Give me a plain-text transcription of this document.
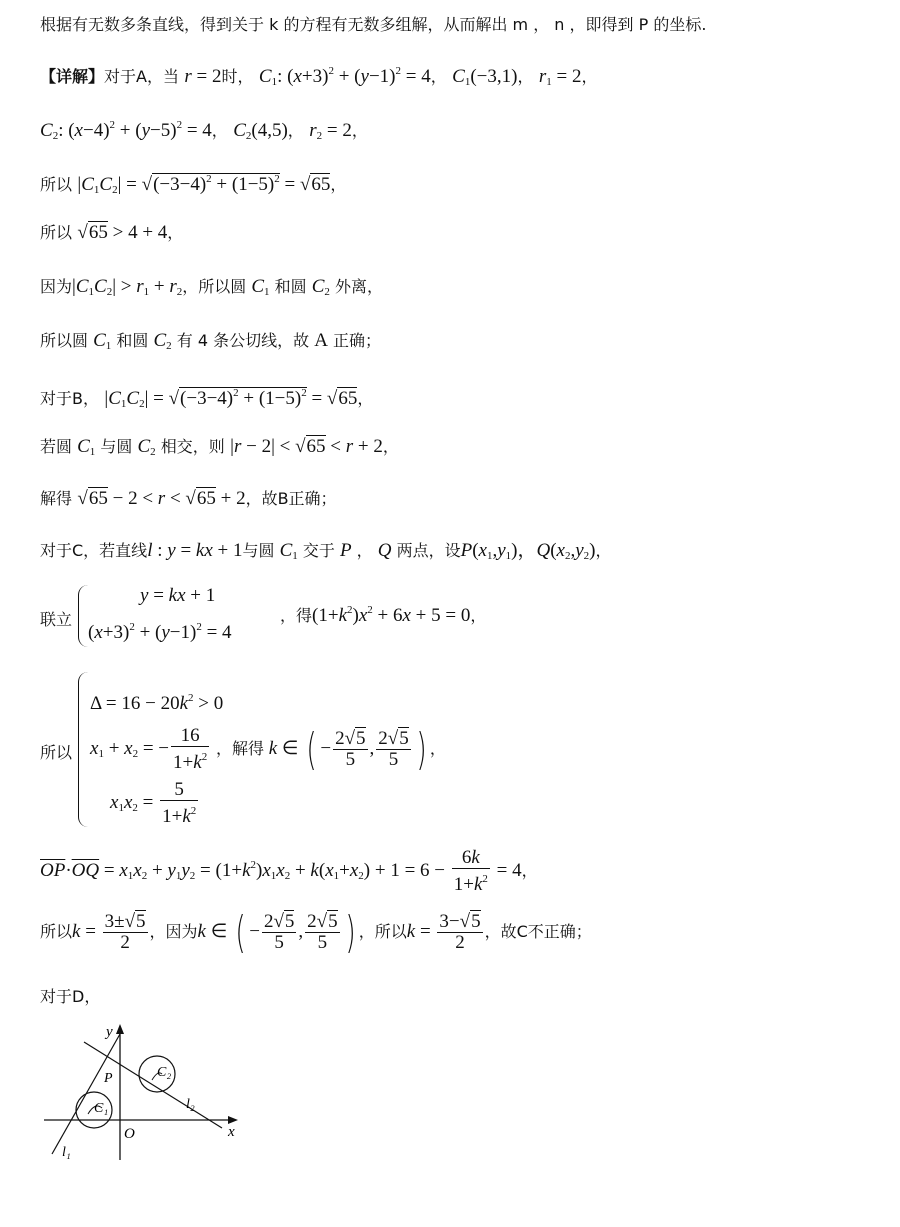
根据有无数多条直线，得到关于 k 的方程有无数多组解，从而解出 m ， n ，即得到 P 的坐标.
【详解】对于A，当 r = 2时， $C_1$: $(x+3)^2 + (y-1)^2 = 4$， $C_1(-3,1)$， $r_1 = 2$，
$C_2$: $(x-4)^2 + (y-5)^2 = 4$， $C_2(4,5)$， $r_2 = 2$，
所以 $|C_1C_2| = √(-3-4)^2 + (1-5)^2 = √65$，
所以 √65 > 4 + 4，
因为$|C_1C_2| > r_1 + r_2$，所以圆 $C_1$ 和圆 $C_2$ 外离，
所以圆 $C_1$ 和圆 $C_2$ 有 4 条公切线，故 A 正确；
对于B， $|C_1C_2| = √(-3-4)^2 + (1-5)^2 = √65$，
若圆 $C_1$ 与圆 $C_2$ 相交，则 |r − 2| < √65 < r + 2，
解得 √65 − 2 < r < √65 + 2，故B正确；
对于C，若直线l : y = kx + 1与圆 $C_1$ 交于 P ， Q 两点，设$P(x_1,y_1)$，$Q(x_2,y_2)$，
联立
y = kx + 1
$(x+3)^2 + (y-1)^2 = 4$
，得$(1+k^2)x^2 + 6x + 5 = 0$，
所以
$\Delta = 16 - 20k^2 > 0$
$x_1 + x_2$ = − $\frac{16}{1+k^2}$ ，解得 k ∈ ( − $\frac{2√5}{5}$ , $\frac{2√5}{5}$ ) ，
$x_1x_2 = \frac{5}{1+k^2}$
$\overline{OP}\cdot\overline{OQ} = x_1x_2 + y_1y_2 = (1+k^2)x_1x_2 + k(x_1+x_2) + 1 = 6 - \frac{6k}{1+k^2} = 4$，
所以$k = \frac{3\pm√5}{2}$ ，因为k ∈ ( − $\frac{2√5}{5}$ , $\frac{2√5}{5}$ ) ，所以$k = \frac{3-√5}{2}$ ，故C不正确；
对于D，
y
x
O
P
C₁
C₂
l₁
l₂
